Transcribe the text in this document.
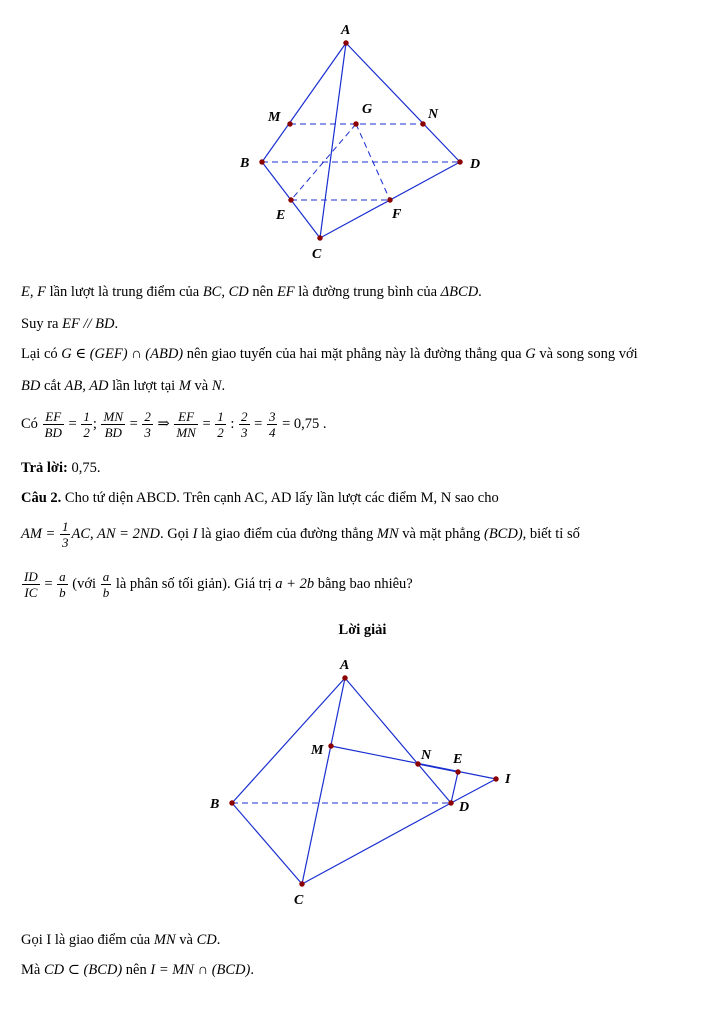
A
M
G	N
B	D
E	F
C
E, F lần lượt là trung điểm của BC, CD nên EF là đường trung bình của ΔBCD.
Suy ra EF // BD.
Lại có G ∈ (GEF) ∩ (ABD) nên giao tuyến của hai mặt phẳng này là đường thẳng qua G và song song với
BD cắt AB, AD lần lượt tại M và N.
Có $\frac{EF}{BD} = \frac{1}{2}$ ; $\frac{MN}{BD} = \frac{2}{3}$ ⇒ $\frac{EF}{MN} = \frac{1}{2}$ : $\frac{2}{3} = \frac{3}{4} = 0,75$ .
Trả lời: 0,75.
Câu 2. Cho tứ diện ABCD. Trên cạnh AC, AD lấy lần lượt các điểm M, N sao cho
AM = $\frac{1}{3}$ AC, AN = 2ND. Gọi I là giao điểm của đường thẳng MN và mặt phẳng (BCD), biết tỉ số
$\frac{ID}{IC} = \frac{a}{b}$ (với $\frac{a}{b}$ là phân số tối giản). Giá trị a + 2b bằng bao nhiêu?
Lời giải
A
M	N E
I
B	D
C
Gọi I là giao điểm của MN và CD.
Mà CD ⊂ (BCD) nên I = MN ∩ (BCD).
